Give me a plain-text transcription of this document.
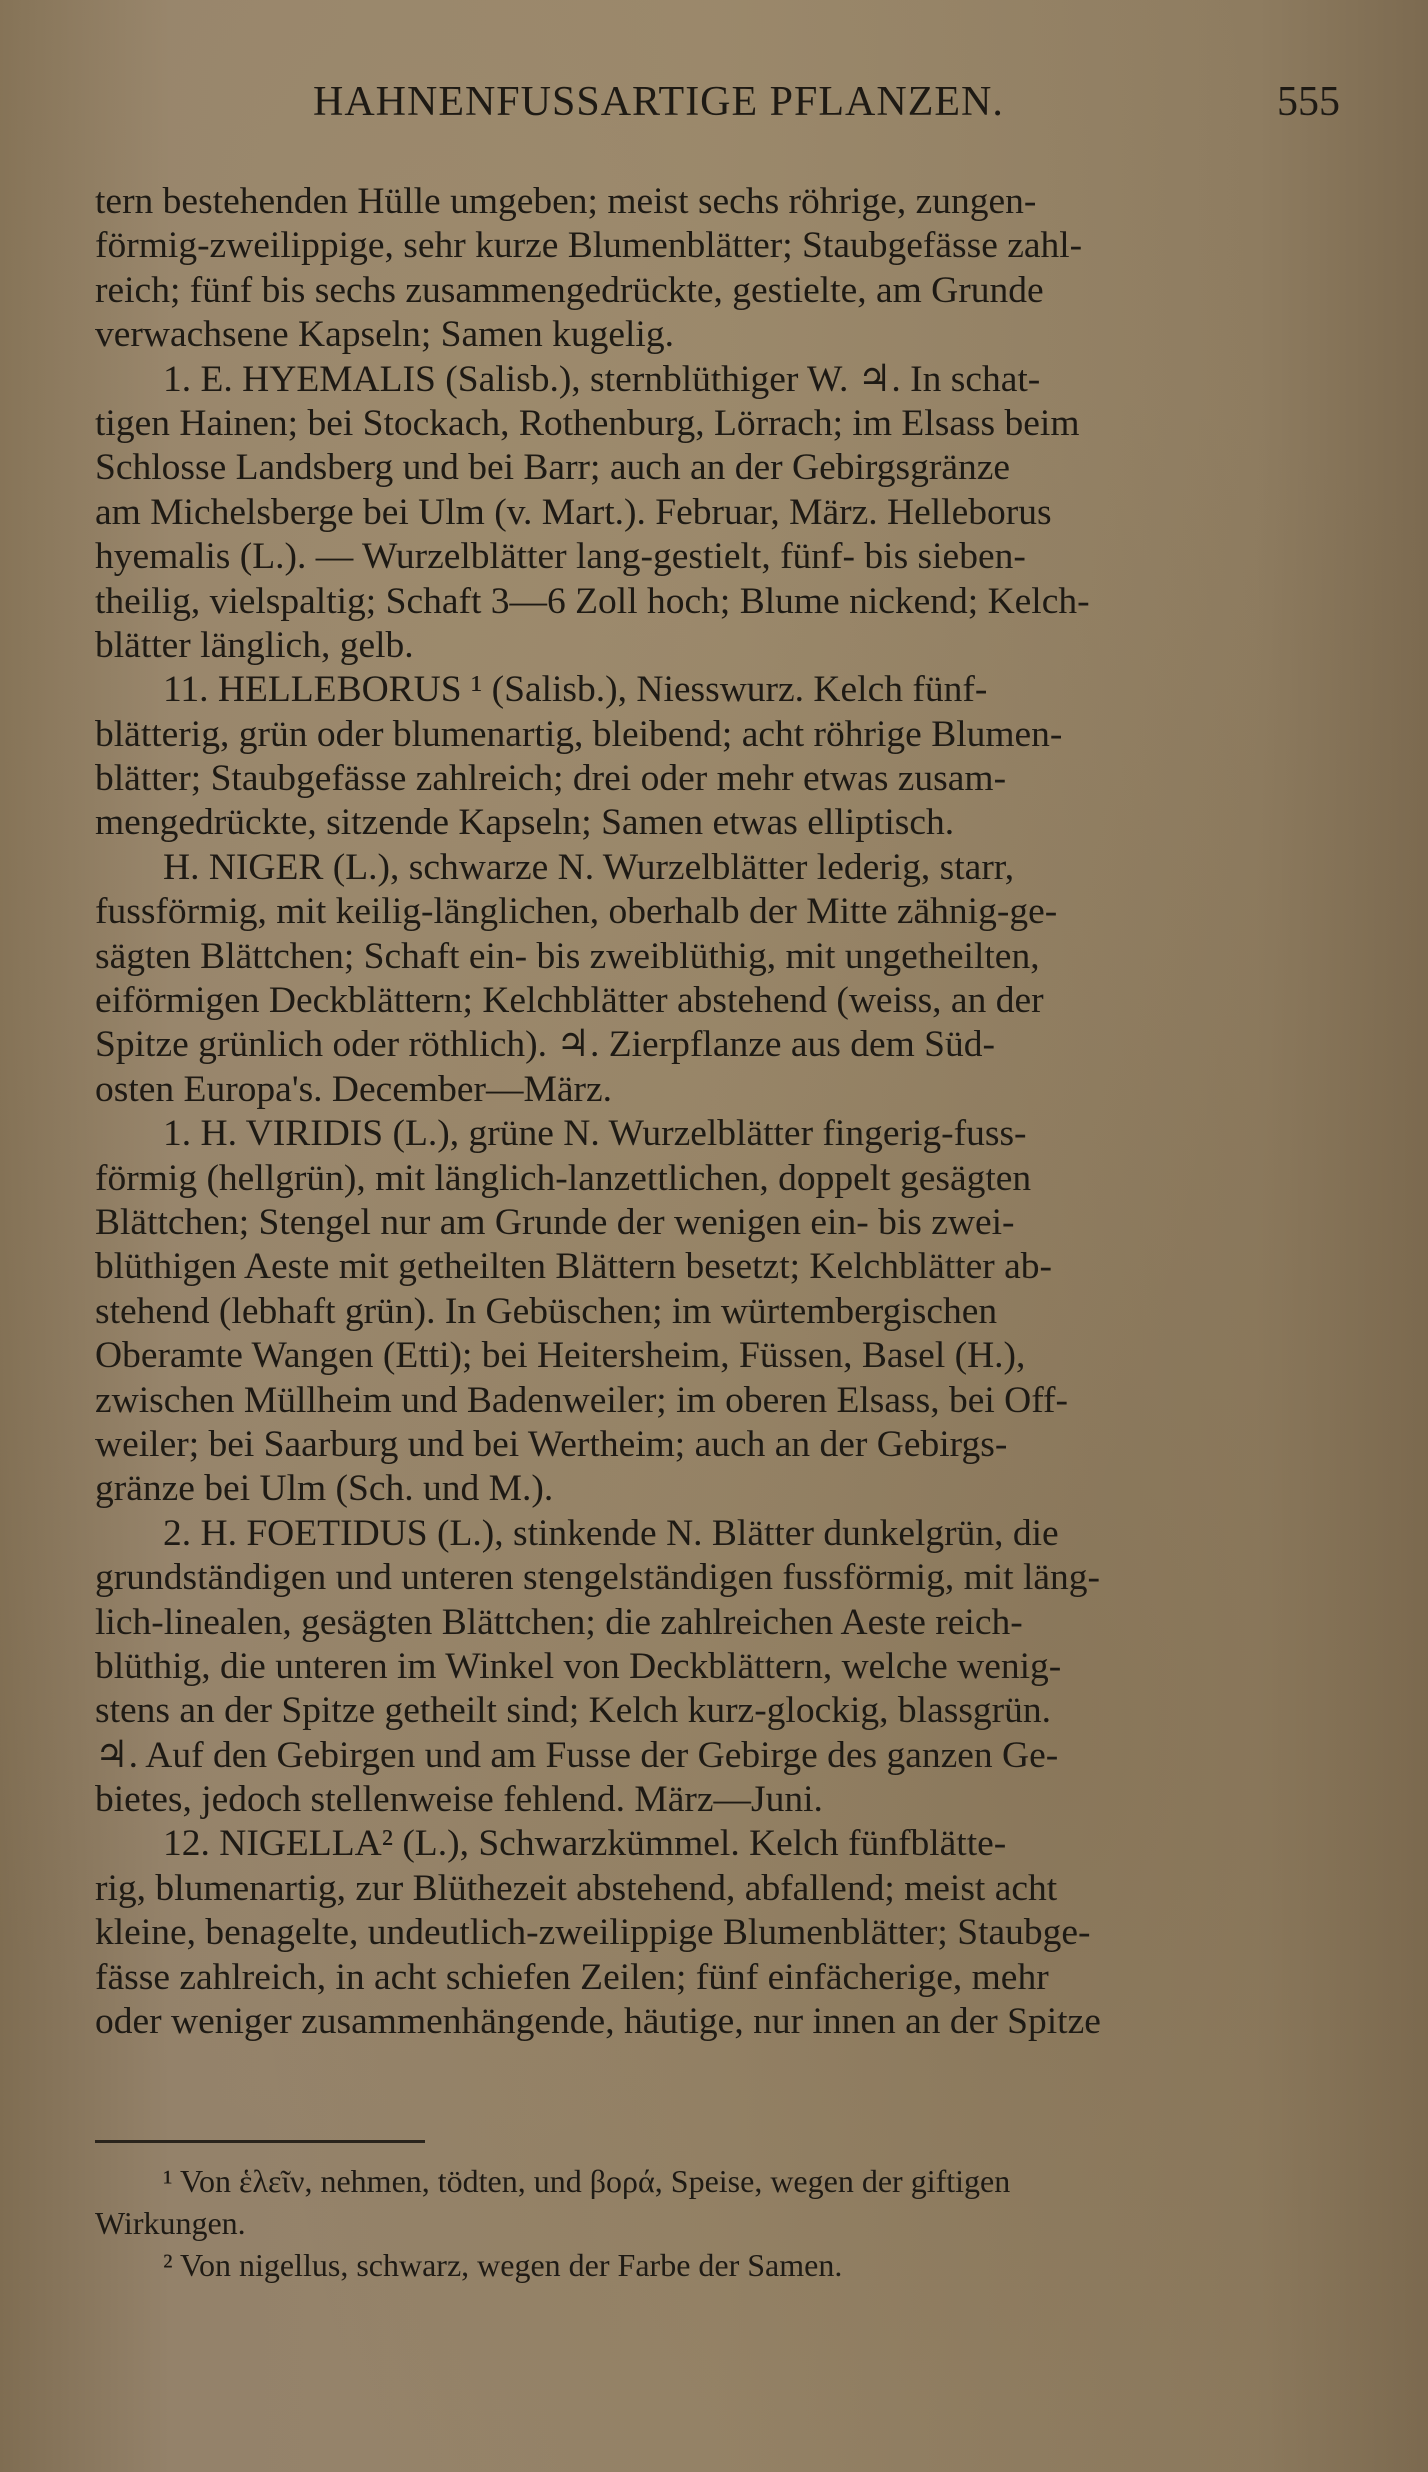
HAHNENFUSSARTIGE PFLANZEN.	555
tern bestehenden Hülle umgeben; meist sechs röhrige, zungen-
förmig-zweilippige, sehr kurze Blumenblätter; Staubgefässe zahl-
reich; fünf bis sechs zusammengedrückte, gestielte, am Grunde
verwachsene Kapseln; Samen kugelig.
1. E. HYEMALIS (Salisb.), sternblüthiger W. ♃. In schat-
tigen Hainen; bei Stockach, Rothenburg, Lörrach; im Elsass beim
Schlosse Landsberg und bei Barr; auch an der Gebirgsgränze
am Michelsberge bei Ulm (v. Mart.). Februar, März. Helleborus
hyemalis (L.). — Wurzelblätter lang-gestielt, fünf- bis sieben-
theilig, vielspaltig; Schaft 3—6 Zoll hoch; Blume nickend; Kelch-
blätter länglich, gelb.
11. HELLEBORUS ¹ (Salisb.), Niesswurz. Kelch fünf-
blätterig, grün oder blumenartig, bleibend; acht röhrige Blumen-
blätter; Staubgefässe zahlreich; drei oder mehr etwas zusam-
mengedrückte, sitzende Kapseln; Samen etwas elliptisch.
H. NIGER (L.), schwarze N. Wurzelblätter lederig, starr,
fussförmig, mit keilig-länglichen, oberhalb der Mitte zähnig-ge-
sägten Blättchen; Schaft ein- bis zweiblüthig, mit ungetheilten,
eiförmigen Deckblättern; Kelchblätter abstehend (weiss, an der
Spitze grünlich oder röthlich). ♃. Zierpflanze aus dem Süd-
osten Europa's. December—März.
1. H. VIRIDIS (L.), grüne N. Wurzelblätter fingerig-fuss-
förmig (hellgrün), mit länglich-lanzettlichen, doppelt gesägten
Blättchen; Stengel nur am Grunde der wenigen ein- bis zwei-
blüthigen Aeste mit getheilten Blättern besetzt; Kelchblätter ab-
stehend (lebhaft grün). In Gebüschen; im würtembergischen
Oberamte Wangen (Etti); bei Heitersheim, Füssen, Basel (H.),
zwischen Müllheim und Badenweiler; im oberen Elsass, bei Off-
weiler; bei Saarburg und bei Wertheim; auch an der Gebirgs-
gränze bei Ulm (Sch. und M.).
2. H. FOETIDUS (L.), stinkende N. Blätter dunkelgrün, die
grundständigen und unteren stengelständigen fussförmig, mit läng-
lich-linealen, gesägten Blättchen; die zahlreichen Aeste reich-
blüthig, die unteren im Winkel von Deckblättern, welche wenig-
stens an der Spitze getheilt sind; Kelch kurz-glockig, blassgrün.
♃. Auf den Gebirgen und am Fusse der Gebirge des ganzen Ge-
bietes, jedoch stellenweise fehlend. März—Juni.
12. NIGELLA² (L.), Schwarzkümmel. Kelch fünfblätte-
rig, blumenartig, zur Blüthezeit abstehend, abfallend; meist acht
kleine, benagelte, undeutlich-zweilippige Blumenblätter; Staubge-
fässe zahlreich, in acht schiefen Zeilen; fünf einfächerige, mehr
oder weniger zusammenhängende, häutige, nur innen an der Spitze
¹ Von ἑλεῖν, nehmen, tödten, und βορά, Speise, wegen der giftigen
Wirkungen.
² Von nigellus, schwarz, wegen der Farbe der Samen.
